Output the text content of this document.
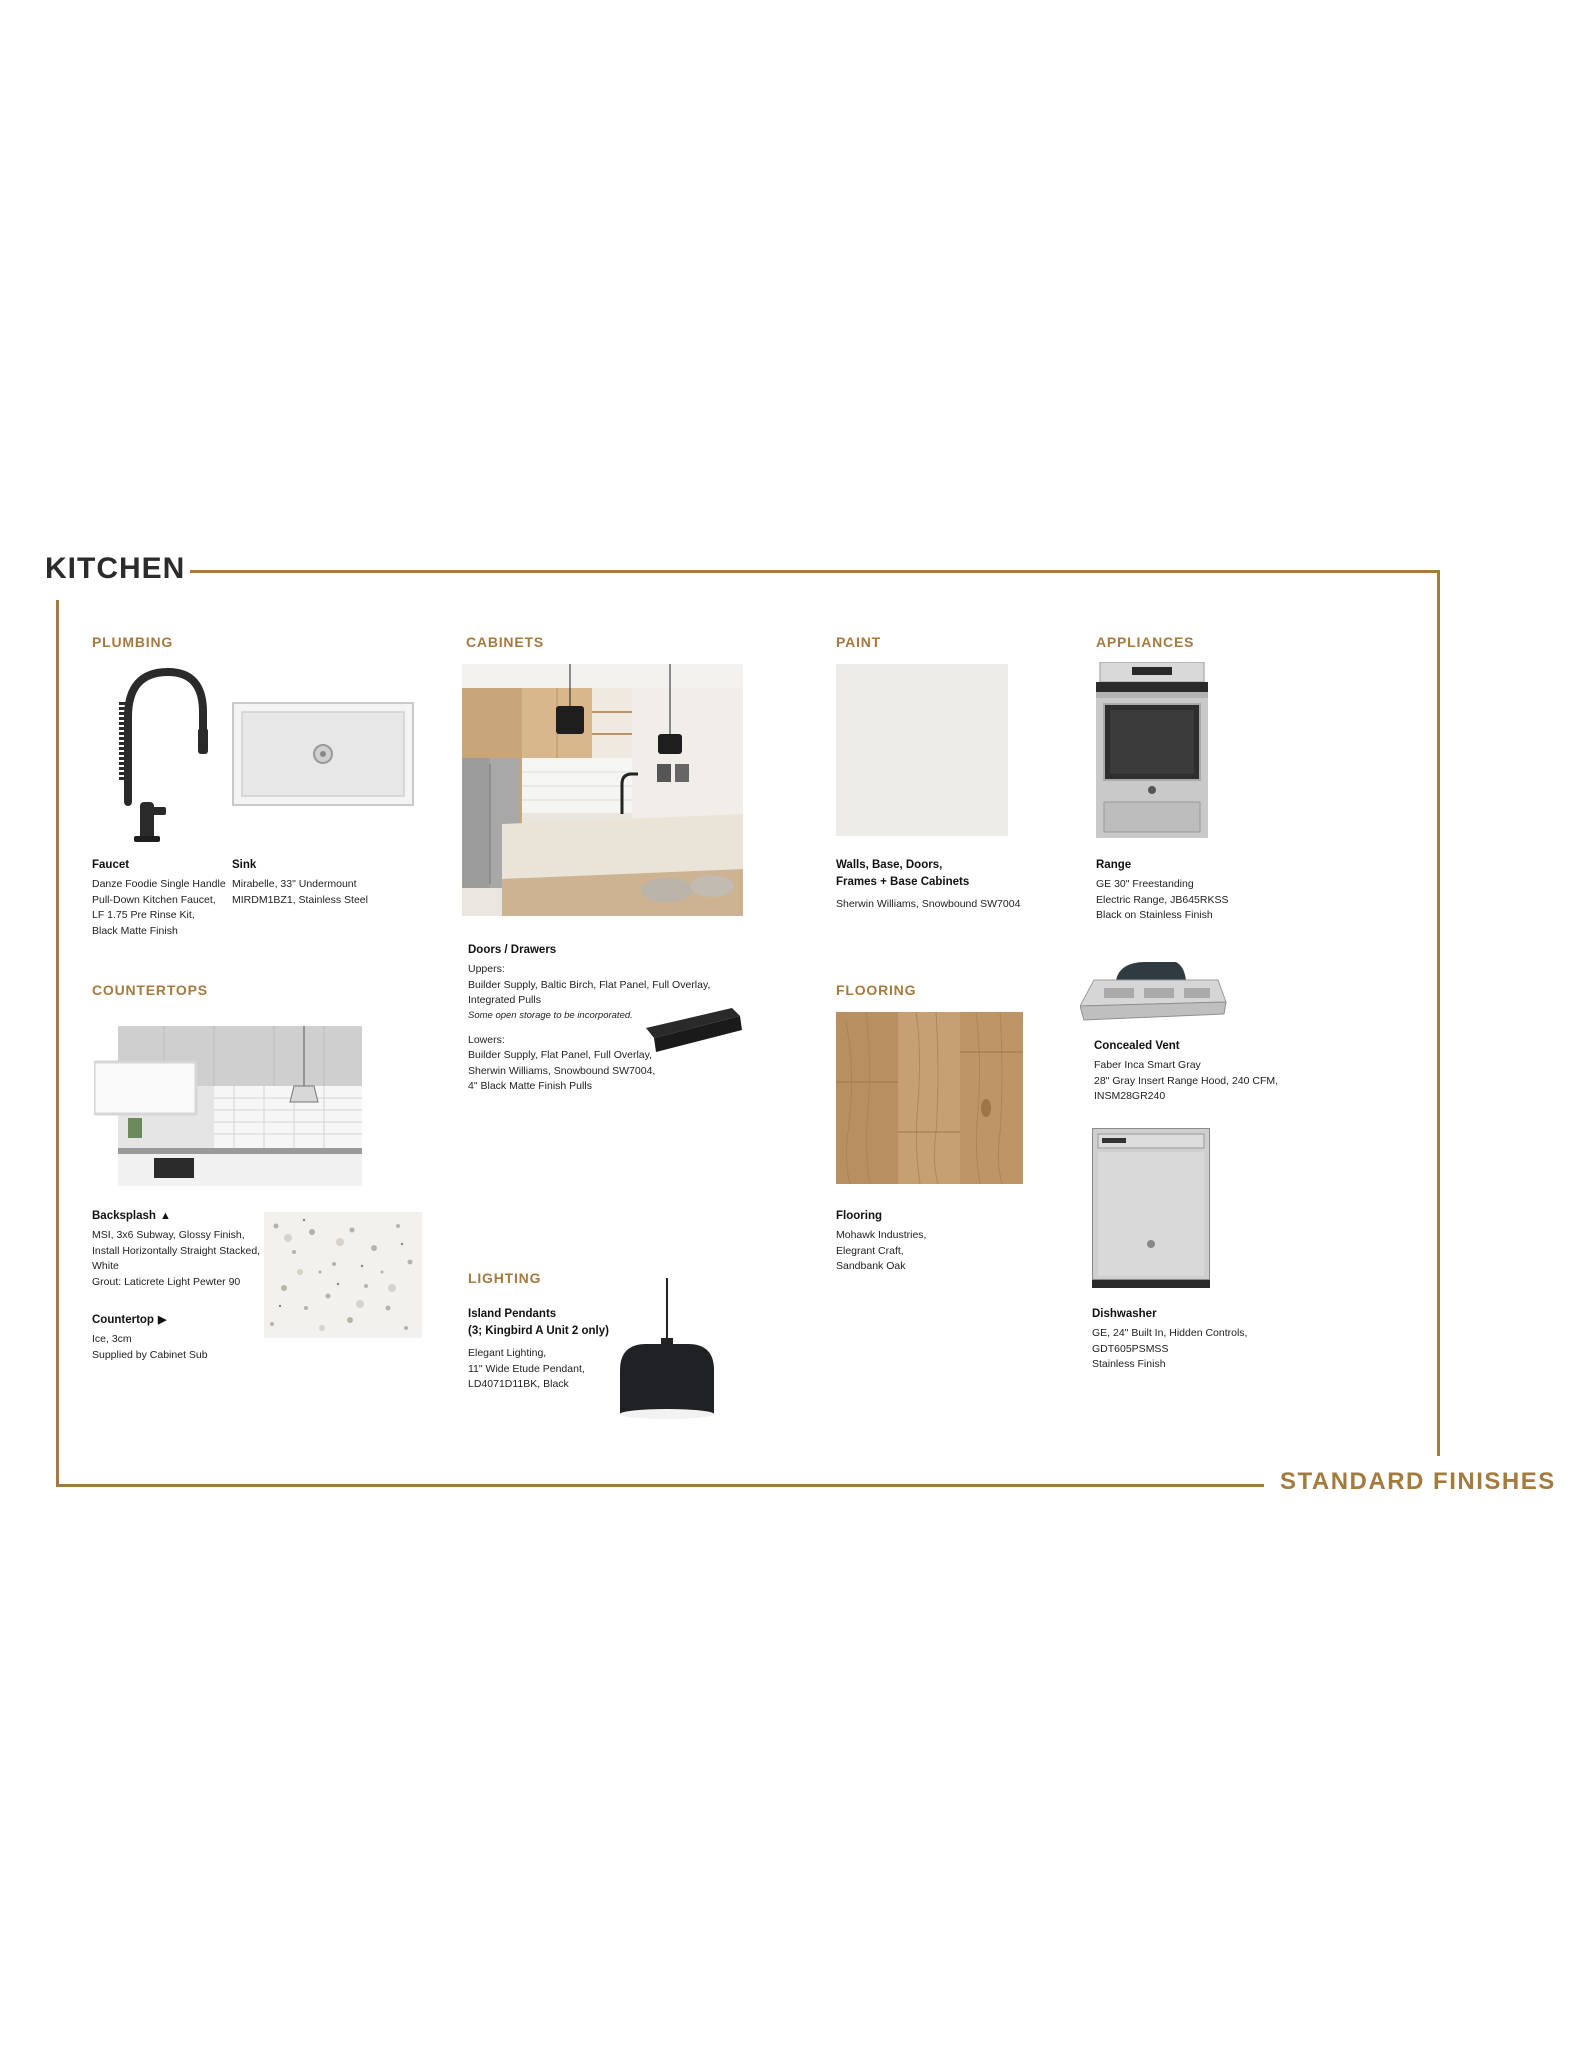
KITCHEN
STANDARD FINISHES
PLUMBING
Faucet
Danze Foodie Single Handle
Pull-Down Kitchen Faucet,
LF 1.75 Pre Rinse Kit,
Black Matte Finish
Sink
Mirabelle, 33" Undermount
MIRDM1BZ1, Stainless Steel
COUNTERTOPS
Backsplash ▲
MSI, 3x6 Subway, Glossy Finish,
Install Horizontally Straight Stacked,
White
Grout: Laticrete Light Pewter 90
Countertop ▶
Ice, 3cm
Supplied by Cabinet Sub
CABINETS
Doors / Drawers
Uppers:
Builder Supply, Baltic Birch, Flat Panel, Full Overlay,
Integrated Pulls
Some open storage to be incorporated.
Lowers:
Builder Supply, Flat Panel, Full Overlay,
Sherwin Williams, Snowbound SW7004,
4" Black Matte Finish Pulls
LIGHTING
Island Pendants
(3; Kingbird A Unit 2 only)
Elegant Lighting,
11" Wide Etude Pendant,
LD4071D11BK, Black
PAINT
Walls, Base, Doors,
Frames + Base Cabinets
Sherwin Williams, Snowbound SW7004
FLOORING
Flooring
Mohawk Industries,
Elegrant Craft,
Sandbank Oak
APPLIANCES
Range
GE 30" Freestanding
Electric Range, JB645RKSS
Black on Stainless Finish
Concealed Vent
Faber Inca Smart Gray
28" Gray Insert Range Hood, 240 CFM,
INSM28GR240
Dishwasher
GE, 24" Built In, Hidden Controls,
GDT605PSMSS
Stainless Finish
